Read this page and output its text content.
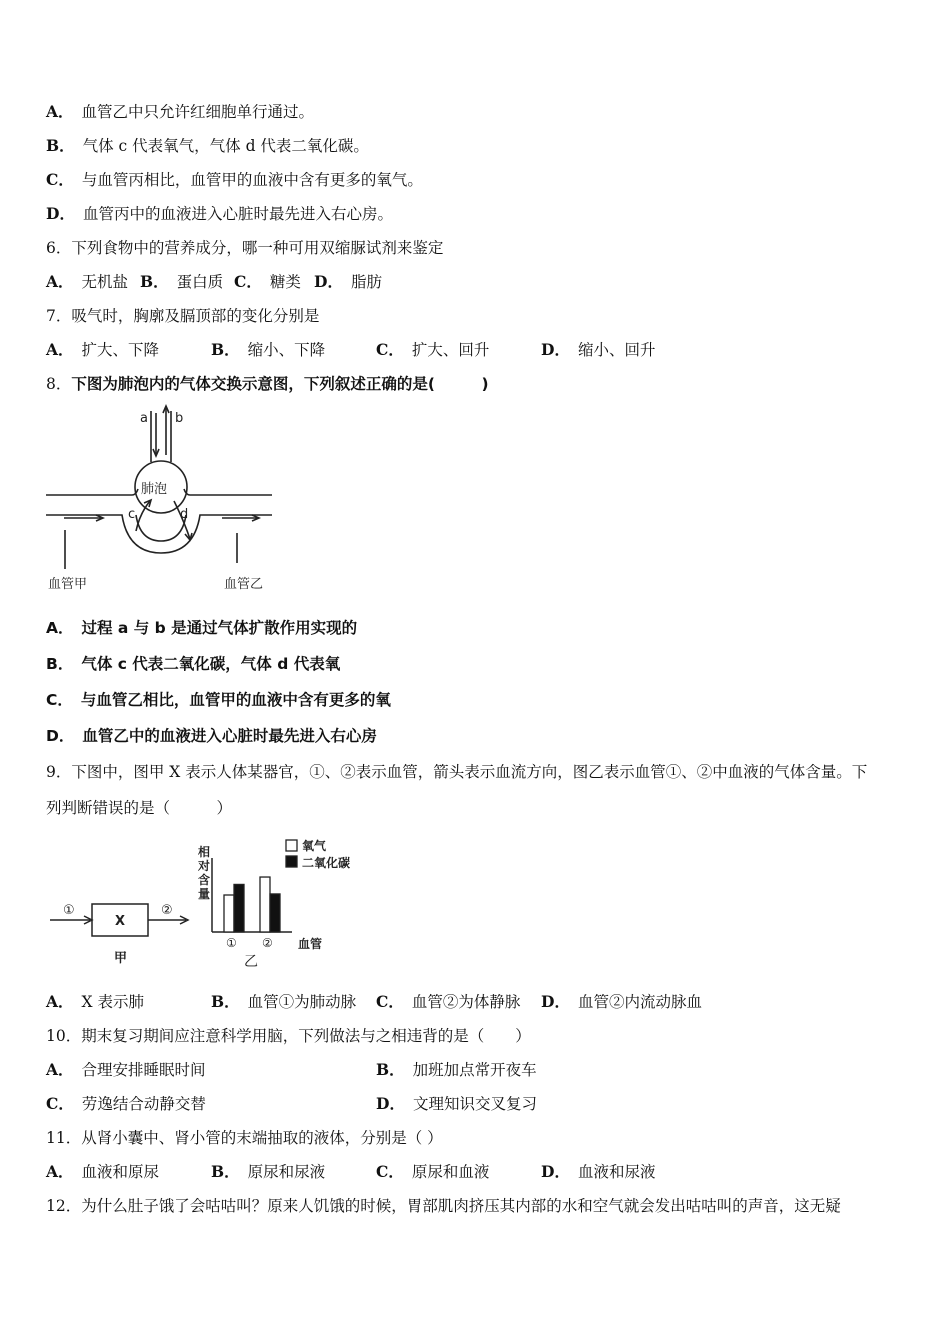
A． 血管乙中只允许红细胞单行通过。
B． 气体 c 代表氧气，气体 d 代表二氧化碳。
C． 与血管丙相比，血管甲的血液中含有更多的氧气。
D． 血管丙中的血液进入心脏时最先进入右心房。
6．下列食物中的营养成分，哪一种可用双缩脲试剂来鉴定
A． 无机盐 B． 蛋白质 C． 糖类 D． 脂肪
7．吸气时，胸廓及膈顶部的变化分别是
A． 扩大、下降	B． 缩小、下降	C． 扩大、回升	D． 缩小、回升
8．下图为肺泡内的气体交换示意图，下列叙述正确的是(　　　)
a b
肺泡
c	d
血管甲	血管乙
A． 过程 a 与 b 是通过气体扩散作用实现的
B． 气体 c 代表二氧化碳，气体 d 代表氧
C． 与血管乙相比，血管甲的血液中含有更多的氧
D． 血管乙中的血液进入心脏时最先进入右心房
9．下图中，图甲 X 表示人体某器官，①、②表示血管，箭头表示血流方向，图乙表示血管①、②中血液的气体含量。下
列判断错误的是（　　　）
①
X
②
甲
相
对
含
量
① ②
氧气
二氧化碳
血管
乙
A． X 表示肺	B． 血管①为肺动脉 C． 血管②为体静脉 D． 血管②内流动脉血
10．期末复习期间应注意科学用脑，下列做法与之相违背的是（　　）
A． 合理安排睡眠时间	B． 加班加点常开夜车
C． 劳逸结合动静交替	D． 文理知识交叉复习
11．从肾小囊中、肾小管的末端抽取的液体，分别是（ ）
A． 血液和原尿	B． 原尿和尿液	C． 原尿和血液	D． 血液和尿液
12．为什么肚子饿了会咕咕叫？原来人饥饿的时候，胃部肌肉挤压其内部的水和空气就会发出咕咕叫的声音，这无疑
